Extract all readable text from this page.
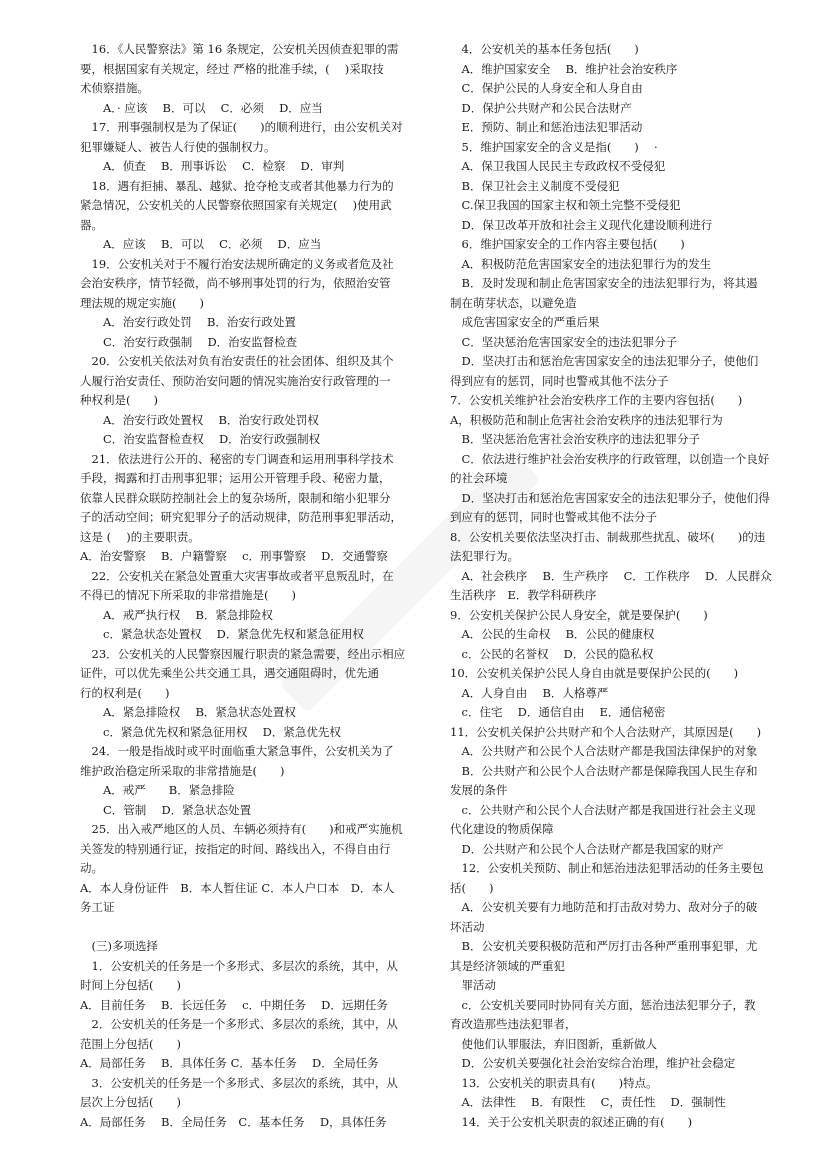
　16．《人民警察法》第 16 条规定，公安机关因侦查犯罪的需
要，根据国家有关规定，经过 严格的批准手续，(　 )采取技
术侦察措施。
　　A．· 应该　 B．可以　 C．必须　 D．应当
　17．刑事强制权是为了保证(　　)的顺利进行，由公安机关对
犯罪嫌疑人、被告人行使的强制权力。
　　A．侦查　 B．刑事诉讼　 C．检察　 D．审判
　18．遇有拒捕、暴乱、越狱、抢夺枪支或者其他暴力行为的
紧急情况，公安机关的人民警察依照国家有关规定(　 )使用武
器。
　　A．应该　 B．可以　 C．必须　 D．应当
　19．公安机关对于不履行治安法规所确定的义务或者危及社
会治安秩序，情节轻微，尚不够刑事处罚的行为，依照治安管
理法规的规定实施(　　)
　　A．治安行政处罚　 B．治安行政处置
　　C．治安行政强制　 D．治安监督检查
　20．公安机关依法对负有治安责任的社会团体、组织及其个
人履行治安责任、预防治安问题的情况实施治安行政管理的一
种权利是(　　)
　　A．治安行政处置权　 B．治安行政处罚权
　　C．治安监督检查权　 D．治安行政强制权
　21．依法进行公开的、秘密的专门调查和运用刑事科学技术
手段，揭露和打击刑事犯罪；运用公开管理手段、秘密力量，
依靠人民群众联防控制社会上的复杂场所，限制和缩小犯罪分
子的活动空间；研究犯罪分子的活动规律，防范刑事犯罪活动，
这是 (　 )的主要职责。
A．治安警察　 B．户籍警察　 c．刑事警察　 D．交通警察
　22．公安机关在紧急处置重大灾害事故或者平息叛乱时，在
不得已的情况下所采取的非常措施是(　　)
　　A．戒严执行权　 B．紧急排险权
　　c．紧急状态处置权　 D．紧急优先权和紧急征用权
　23．公安机关的人民警察因履行职责的紧急需要，经出示相应
证件，可以优先乘坐公共交通工具，遇交通阻碍时，优先通
行的权利是(　　)
　　A．紧急排险权　 B．紧急状态处置权
　　c．紧急优先权和紧急征用权　 D．紧急优先权
　24．一般是指战时或平时面临重大紧急事件，公安机关为了
维护政治稳定所采取的非常措施是(　　)
　　A．戒严　　B．紧急排险
　　C．管制　 D．紧急状态处置
　25．出入戒严地区的人员、车辆必须持有(　　)和戒严实施机
关签发的特别通行证，按指定的时间、路线出入，不得自由行
动。
A．本人身份证件　B．本人暂住证 C．本人户口本　D．本人
务工证
　(三)多项选择
　1．公安机关的任务是一个多形式、多层次的系统，其中，从
时间上分包括(　　)
A．目前任务　 B．长远任务　 c．中期任务　 D．远期任务
　2．公安机关的任务是一个多形式、多层次的系统，其中，从
范围上分包括(　　)
A．局部任务　 B．具体任务 C．基本任务　 D．全局任务
　3．公安机关的任务是一个多形式、多层次的系统，其中，从
层次上分包括(　　)
A．局部任务　 B．全局任务　C．基本任务　 D，具体任务
　4．公安机关的基本任务包括(　　)
　A．维护国家安全　 B．维护社会治安秩序
　C．保护公民的人身安全和人身自由
　D．保护公共财产和公民合法财产
　E．预防、制止和惩治违法犯罪活动
　5．维护国家安全的含义是指(　　)　 ·
　A．保卫我国人民民主专政政权不受侵犯
　B．保卫社会主义制度不受侵犯
　C.保卫我国的国家主权和领土完整不受侵犯
　D．保卫改革开放和社会主义现代化建设顺利进行
　6．维护国家安全的工作内容主要包括(　　)
　A．积极防范危害国家安全的违法犯罪行为的发生
　B．及时发现和制止危害国家安全的违法犯罪行为，将其遏
制在萌芽状态，以避免造
　成危害国家安全的严重后果
　C．坚决惩治危害国家安全的违法犯罪分子
　D．坚决打击和惩治危害国家安全的违法犯罪分子，使他们
得到应有的惩罚，同时也警戒其他不法分子
7．公安机关维护社会治安秩序工作的主要内容包括(　　)
A，积极防范和制止危害社会治安秩序的违法犯罪行为
　B．坚决惩治危害社会治安秩序的违法犯罪分子
　C．依法进行维护社会治安秩序的行政管理，以创造一个良好
的社会环境
　D．坚决打击和惩治危害国家安全的违法犯罪分子，使他们得
到应有的惩罚，同时也警戒其他不法分子
8．公安机关要依法坚决打击、制裁那些扰乱、破坏(　　)的违
法犯罪行为。
　A．社会秩序　 B．生产秩序　 C．工作秩序　 D．人民群众
生活秩序　E．教学科研秩序
9．公安机关保护公民人身安全，就是要保护(　　)
　A．公民的生命权　 B．公民的健康权
　c．公民的名誉权　 D．公民的隐私权
10．公安机关保护公民人身自由就是要保护公民的(　　)
　A．人身自由　 B．人格尊严
　c．住宅　 D．通信自由　 E．通信秘密
11．公安机关保护公共财产和个人合法财产，其原因是(　　)
　A．公共财产和公民个人合法财产都是我国法律保护的对象
　B．公共财产和公民个人合法财产都是保障我国人民生存和
发展的条件
　c．公共财产和公民个人合法财产都是我国进行社会主义现
代化建设的物质保障
　D．公共财产和公民个人合法财产都是我国家的财产
　12．公安机关预防、制止和惩治违法犯罪活动的任务主要包
括(　　)
　A．公安机关要有力地防范和打击敌对势力、敌对分子的破
坏活动
　B．公安机关要积极防范和严厉打击各种严重刑事犯罪，尤
其是经济领域的严重犯
　罪活动
　c．公安机关要同时协同有关方面，惩治违法犯罪分子，教
育改造那些违法犯罪者，
　使他们认罪服法，弃旧图新，重新做人
　D．公安机关要强化社会治安综合治理，维护社会稳定
　13．公安机关的职责具有(　　)特点。
　A．法律性　 B．有限性　 C，责任性　 D．强制性
　14．关于公安机关职责的叙述正确的有(　　)
